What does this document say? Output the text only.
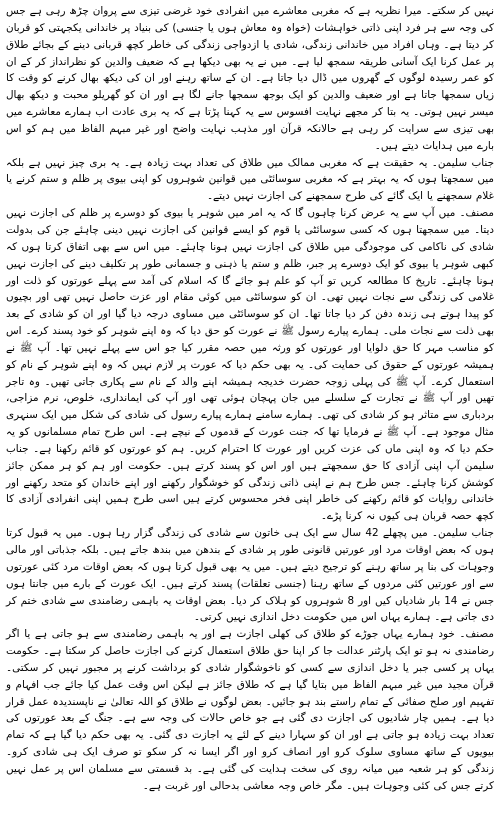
نہیں کر سکتے۔ میرا نظریہ ہے کہ مغربی معاشرے میں انفرادی خود غرضی تیزی سے پروان چڑھ رہی ہے جس کی وجہ سے ہر فرد اپنی ذاتی خواہشات (خواہ وہ معاش ہوں یا جنسی) کی بنیاد پر خاندانی یکجہتی کو قربان کر دیتا ہے۔ وہاں افراد میں خاندانی زندگی، شادی یا ازدواجی زندگی کی خاطر کچھ قربانی دینے کے بجائے طلاق پر عمل کرنا ایک آسانی طریقہ سمجھ لیا ہے۔ میں نے یہ بھی دیکھا ہے کہ ضعیف والدین کو نظرانداز کر کے ان کو عمر رسیدہ لوگوں کے گھروں میں ڈال دیا جاتا ہے۔ ان کے ساتھ رہنے اور ان کی دیکھ بھال کرنے کو وقت کا زیاں سمجھا جاتا ہے اور ضعیف والدین کو ایک بوجھ سمجھا جانے لگا ہے اور ان کو گھریلو محبت و دیکھ بھال میسر نہیں ہوتی۔ یہ بتا کر مجھے نہایت افسوس سے یہ کہنا پڑتا ہے کہ یہ بری عادت اب ہمارے معاشرے میں بھی تیزی سے سرایت کر رہی ہے حالانکہ قرآن اور مذہب نہایت واضح اور غیر مبہم الفاظ میں ہم کو اس بارے میں ہدایات دیتے ہیں۔

جناب سلیمن۔ یہ حقیقت ہے کہ مغربی ممالک میں طلاق کی تعداد بہت زیادہ ہے۔ یہ بری چیز نہیں ہے بلکہ میں سمجھتا ہوں کہ یہ بہتر ہے کہ مغربی سوسائٹی میں قوانین شوہروں کو اپنی بیوی پر ظلم و ستم کرنے یا غلام سمجھنے یا ایک گائے کی طرح سمجھنے کی اجازت نہیں دیتے۔

مصنف۔ میں آپ سے یہ عرض کرنا چاہوں گا کہ یہ امر میں شوہر یا بیوی کو دوسرے پر ظلم کی اجازت نہیں دیتا۔ میں سمجھتا ہوں کہ کسی سوسائٹی یا قوم کو ایسے قوانین کی اجازت نہیں دینی چاہئے جن کی بدولت شادی کی ناکامی کی موجودگی میں طلاق کی اجازت نہیں ہونا چاہئے۔ میں اس سے بھی اتفاق کرتا ہوں کہ کبھی شوہر یا بیوی کو ایک دوسرے پر جبر، ظلم و ستم یا ذہنی و جسمانی طور پر تکلیف دینے کی اجازت نہیں ہونا چاہئے۔ تاریخ کا مطالعہ کریں تو آپ کو علم ہو جائے گا کہ اسلام کی آمد سے پہلے عورتوں کو ذلت اور غلامی کی زندگی سے نجات نہیں تھی۔ ان کو سوسائٹی میں کوئی مقام اور عزت حاصل نہیں تھی اور بچیوں کو پیدا ہوتے ہی زندہ دفن کر دیا جاتا تھا۔ ان کو سوسائٹی میں مساوی درجہ دیا گیا اور ان کو شادی کے بعد بھی ذلت سے نجات ملی۔ ہمارے پیارے رسول ﷺ نے عورت کو حق دیا کہ وہ اپنے شوہر کو خود پسند کرے۔ اس کو مناسب مہر کا حق دلوایا اور عورتوں کو ورثہ میں حصہ مقرر کیا جو اس سے پہلے نہیں تھا۔ آپ ﷺ نے ہمیشہ عورتوں کے حقوق کی حمایت کی۔ یہ بھی حکم دیا کہ عورت پر لازم نہیں کہ وہ اپنے شوہر کے نام کو استعمال کرے۔ آپ ﷺ کی پہلی زوجہ حضرت خدیجہ ہمیشہ اپنے والد کے نام سے پکاری جاتی تھیں۔ وہ تاجر تھیں اور آپ ﷺ نے تجارت کے سلسلے میں جان پہچان ہوئی تھی اور آپ کی ایمانداری، خلوص، نرم مزاجی، بردباری سے متاثر ہو کر شادی کی تھی۔ ہمارے سامنے ہمارے پیارے رسول کی شادی کی شکل میں ایک سنہری مثال موجود ہے۔ آپ ﷺ نے فرمایا تھا کہ جنت عورت کے قدموں کے نیچے ہے۔ اس طرح تمام مسلمانوں کو یہ حکم دیا کہ وہ اپنی ماں کی عزت کریں اور عورت کا احترام کریں۔ ہم کو عورتوں کو قائم رکھنا ہے۔ جناب سلیمن آپ اپنی آزادی کا حق سمجھتے ہیں اور اس کو پسند کرتے ہیں۔ حکومت اور ہم کو ہر ممکن جائز کوشش کرنا چاہئے۔ جس طرح ہم نے اپنی ذاتی زندگی کو خوشگوار رکھنے اور اپنے خاندان کو متحد رکھنے اور خاندانی روایات کو قائم رکھنے کی خاطر اپنی فخر محسوس کرتے ہیں اسی طرح ہمیں اپنی انفرادی آزادی کا کچھ حصہ قربان ہی کیوں نہ کرنا پڑے۔

جناب سلیمن۔ میں پچھلے 42 سال سے ایک ہی خاتون سے شادی کی زندگی گزار رہا ہوں۔ میں یہ قبول کرتا ہوں کہ بعض اوقات مرد اور عورتیں قانونی طور پر شادی کے بندھن میں بندھ جاتے ہیں۔ بلکہ جذباتی اور مالی وجوہات کی بنا پر ساتھ رہنے کو ترجیح دیتے ہیں۔ میں یہ بھی قبول کرتا ہوں کہ بعض اوقات مرد کئی عورتوں سے اور عورتیں کئی مردوں کے ساتھ رہنا (جنسی تعلقات) پسند کرتے ہیں۔ ایک عورت کے بارے میں جانتا ہوں جس نے 14 بار شادیاں کیں اور 8 شوہروں کو ہلاک کر دیا۔ بعض اوقات یہ باہمی رضامندی سے شادی ختم کر دی جاتی ہے۔ ہمارے یہاں اس میں حکومت دخل اندازی نہیں کرتی۔

مصنف۔ خود ہمارے یہاں جوڑے کو طلاق کی کھلی اجازت ہے اور یہ باہمی رضامندی سے ہو جاتی ہے یا اگر رضامندی نہ ہو تو ایک پارٹنر عدالت جا کر اپنا حق طلاق استعمال کرنے کی اجازت حاصل کر سکتا ہے۔ حکومت یہاں پر کسی جبر یا دخل اندازی سے کسی کو ناخوشگوار شادی کو برداشت کرنے پر مجبور نہیں کر سکتی۔ قرآن مجید میں غیر مبہم الفاظ میں بتایا گیا ہے کہ طلاق جائز ہے لیکن اس وقت عمل کیا جائے جب افہام و تفہیم اور صلح صفائی کے تمام راستے بند ہو جائیں۔ بعض لوگوں نے طلاق کو اللہ تعالیٰ نے ناپسندیدہ عمل قرار دیا ہے۔ ہمیں چار شادیوں کی اجازت دی گئی ہے جو خاص حالات کی وجہ سے ہے۔ جنگ کے بعد عورتوں کی تعداد بہت زیادہ ہو جاتی ہے اور ان کو سہارا دینے کے لئے یہ اجازت دی گئی۔ یہ بھی حکم دیا گیا ہے کہ تمام بیویوں کے ساتھ مساوی سلوک کرو اور انصاف کرو اور اگر ایسا نہ کر سکو تو صرف ایک ہی شادی کرو۔ زندگی کو ہر شعبہ میں میانہ روی کی سخت ہدایت کی گئی ہے۔ بد قسمتی سے مسلمان اس پر عمل نہیں کرتے جس کی کئی وجوہات ہیں۔ مگر خاص وجہ معاشی بدحالی اور غربت ہے۔
